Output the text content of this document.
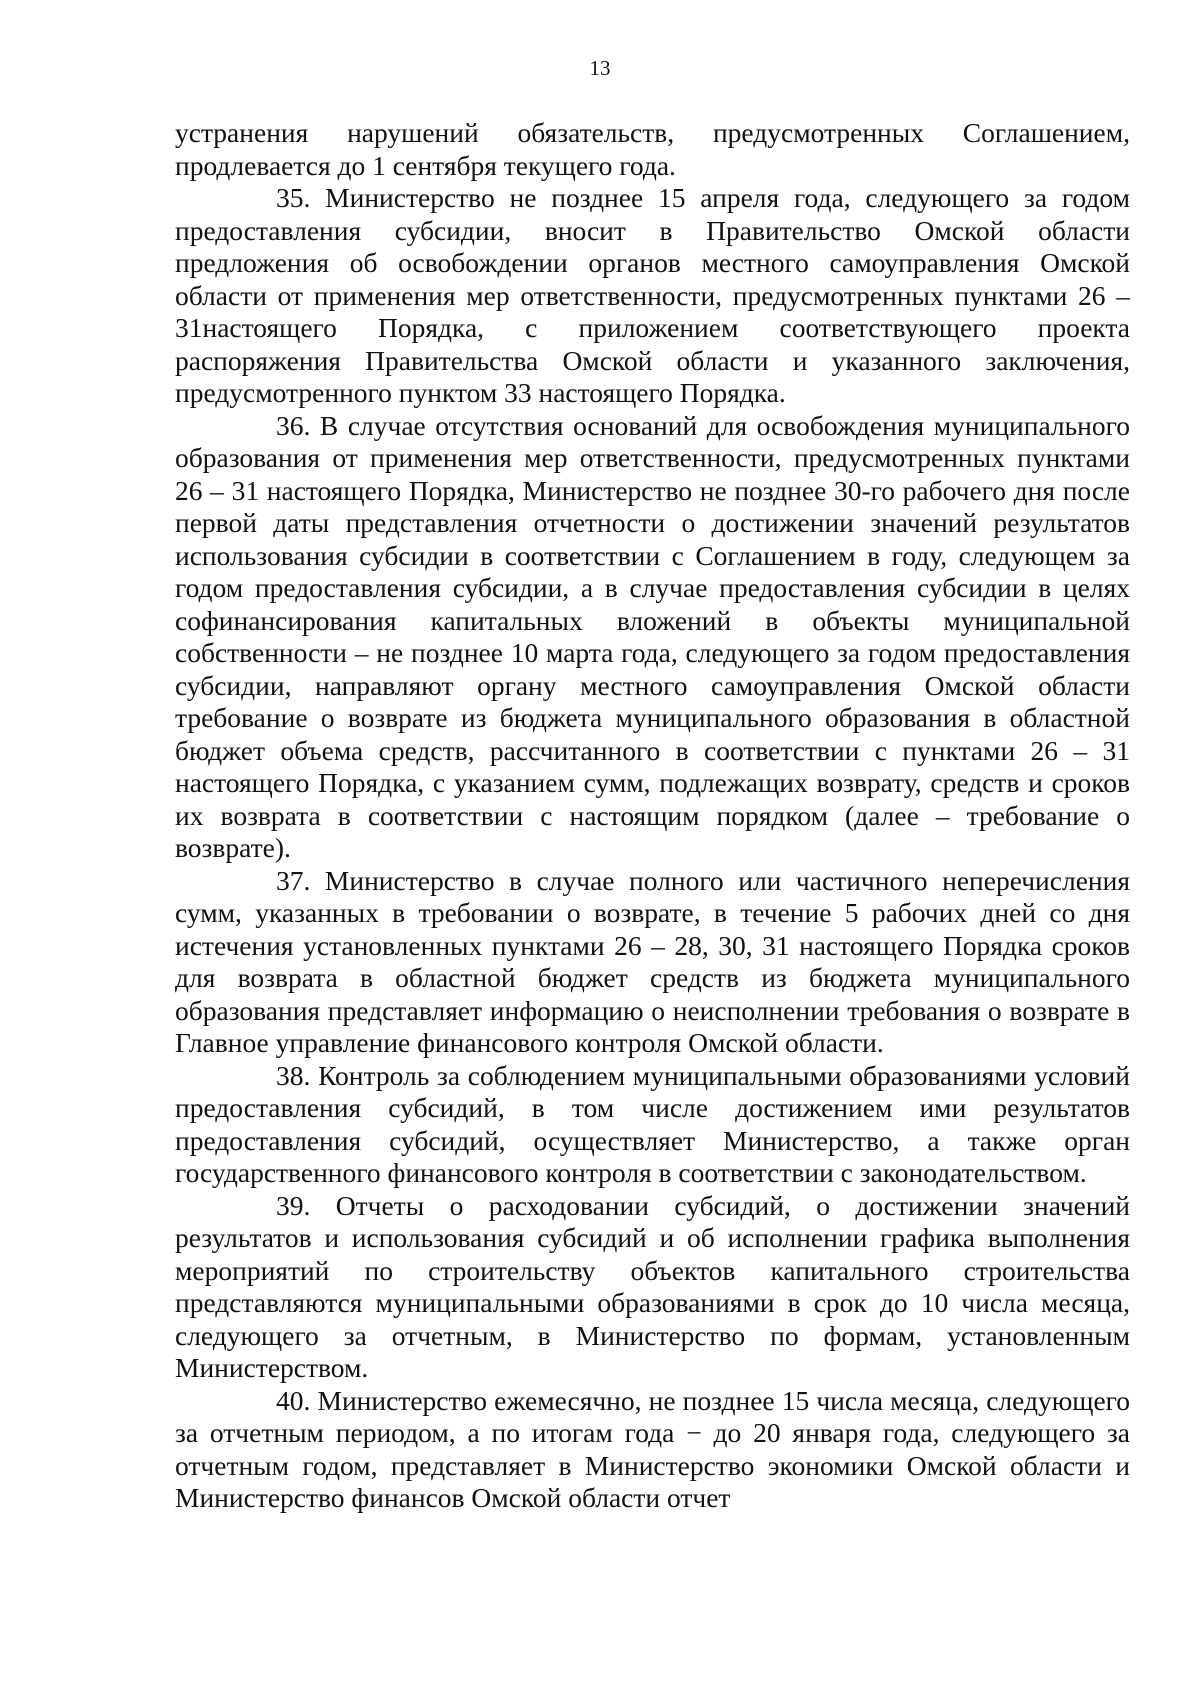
13

устранения нарушений обязательств, предусмотренных Соглашением, продлевается до 1 сентября текущего года.

35. Министерство не позднее 15 апреля года, следующего за годом предоставления субсидии, вносит в Правительство Омской области предложения об освобождении органов местного самоуправления Омской области от применения мер ответственности, предусмотренных пунктами 26 – 31настоящего Порядка, с приложением соответствующего проекта распоряжения Правительства Омской области и указанного заключения, предусмотренного пунктом 33 настоящего Порядка.

36. В случае отсутствия оснований для освобождения муниципального образования от применения мер ответственности, предусмотренных пунктами 26 – 31 настоящего Порядка, Министерство не позднее 30-го рабочего дня после первой даты представления отчетности о достижении значений результатов использования субсидии в соответствии с Соглашением в году, следующем за годом предоставления субсидии, а в случае предоставления субсидии в целях софинансирования капитальных вложений в объекты муниципальной собственности – не позднее 10 марта года, следующего за годом предоставления субсидии, направляют органу местного самоуправления Омской области требование о возврате из бюджета муниципального образования в областной бюджет объема средств, рассчитанного в соответствии с пунктами 26 – 31 настоящего Порядка, с указанием сумм, подлежащих возврату, средств и сроков их возврата в соответствии с настоящим порядком (далее – требование о возврате).

37. Министерство в случае полного или частичного неперечисления сумм, указанных в требовании о возврате, в течение 5 рабочих дней со дня истечения установленных пунктами 26 – 28, 30, 31 настоящего Порядка сроков для возврата в областной бюджет средств из бюджета муниципального образования представляет информацию о неисполнении требования о возврате в Главное управление финансового контроля Омской области.

38. Контроль за соблюдением муниципальными образованиями условий предоставления субсидий, в том числе достижением ими результатов предоставления субсидий, осуществляет Министерство, а также орган государственного финансового контроля в соответствии с законодательством.

39. Отчеты о расходовании субсидий, о достижении значений результатов и использования субсидий и об исполнении графика выполнения мероприятий по строительству объектов капитального строительства представляются муниципальными образованиями в срок до 10 числа месяца, следующего за отчетным, в Министерство по формам, установленным Министерством.

40. Министерство ежемесячно, не позднее 15 числа месяца, следующего за отчетным периодом, а по итогам года − до 20 января года, следующего за отчетным годом, представляет в Министерство экономики Омской области и Министерство финансов Омской области отчет
